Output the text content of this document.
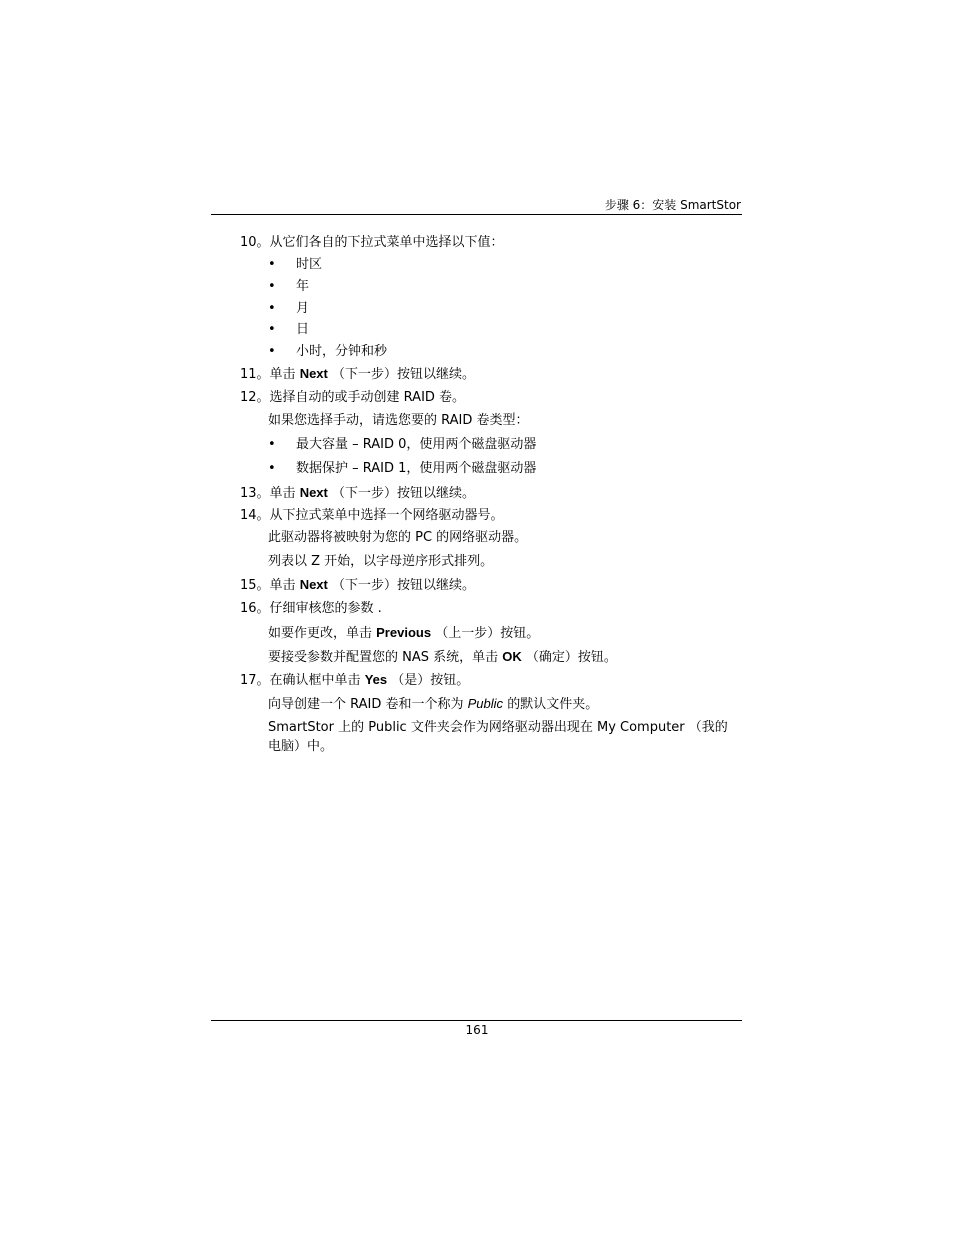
步骤 6：安装 SmartStor
10。从它们各自的下拉式菜单中选择以下值：
• 时区
• 年
• 月
• 日
• 小时，分钟和秒
11。单击 Next （下一步）按钮以继续。
12。选择自动的或手动创建 RAID 卷。
如果您选择手动，请选您要的 RAID 卷类型：
• 最大容量 – RAID 0，使用两个磁盘驱动器
• 数据保护 – RAID 1，使用两个磁盘驱动器
13。单击 Next （下一步）按钮以继续。
14。从下拉式菜单中选择一个网络驱动器号。
此驱动器将被映射为您的 PC 的网络驱动器。
列表以 Z 开始，以字母逆序形式排列。
15。单击 Next （下一步）按钮以继续。
16。仔细审核您的参数 .
如要作更改，单击 Previous （上一步）按钮。
要接受参数并配置您的 NAS 系统，单击 OK （确定）按钮。
17。在确认框中单击 Yes （是）按钮。
向导创建一个 RAID 卷和一个称为 Public 的默认文件夹。
SmartStor 上的 Public 文件夹会作为网络驱动器出现在 My Computer （我的
电脑）中。
161
